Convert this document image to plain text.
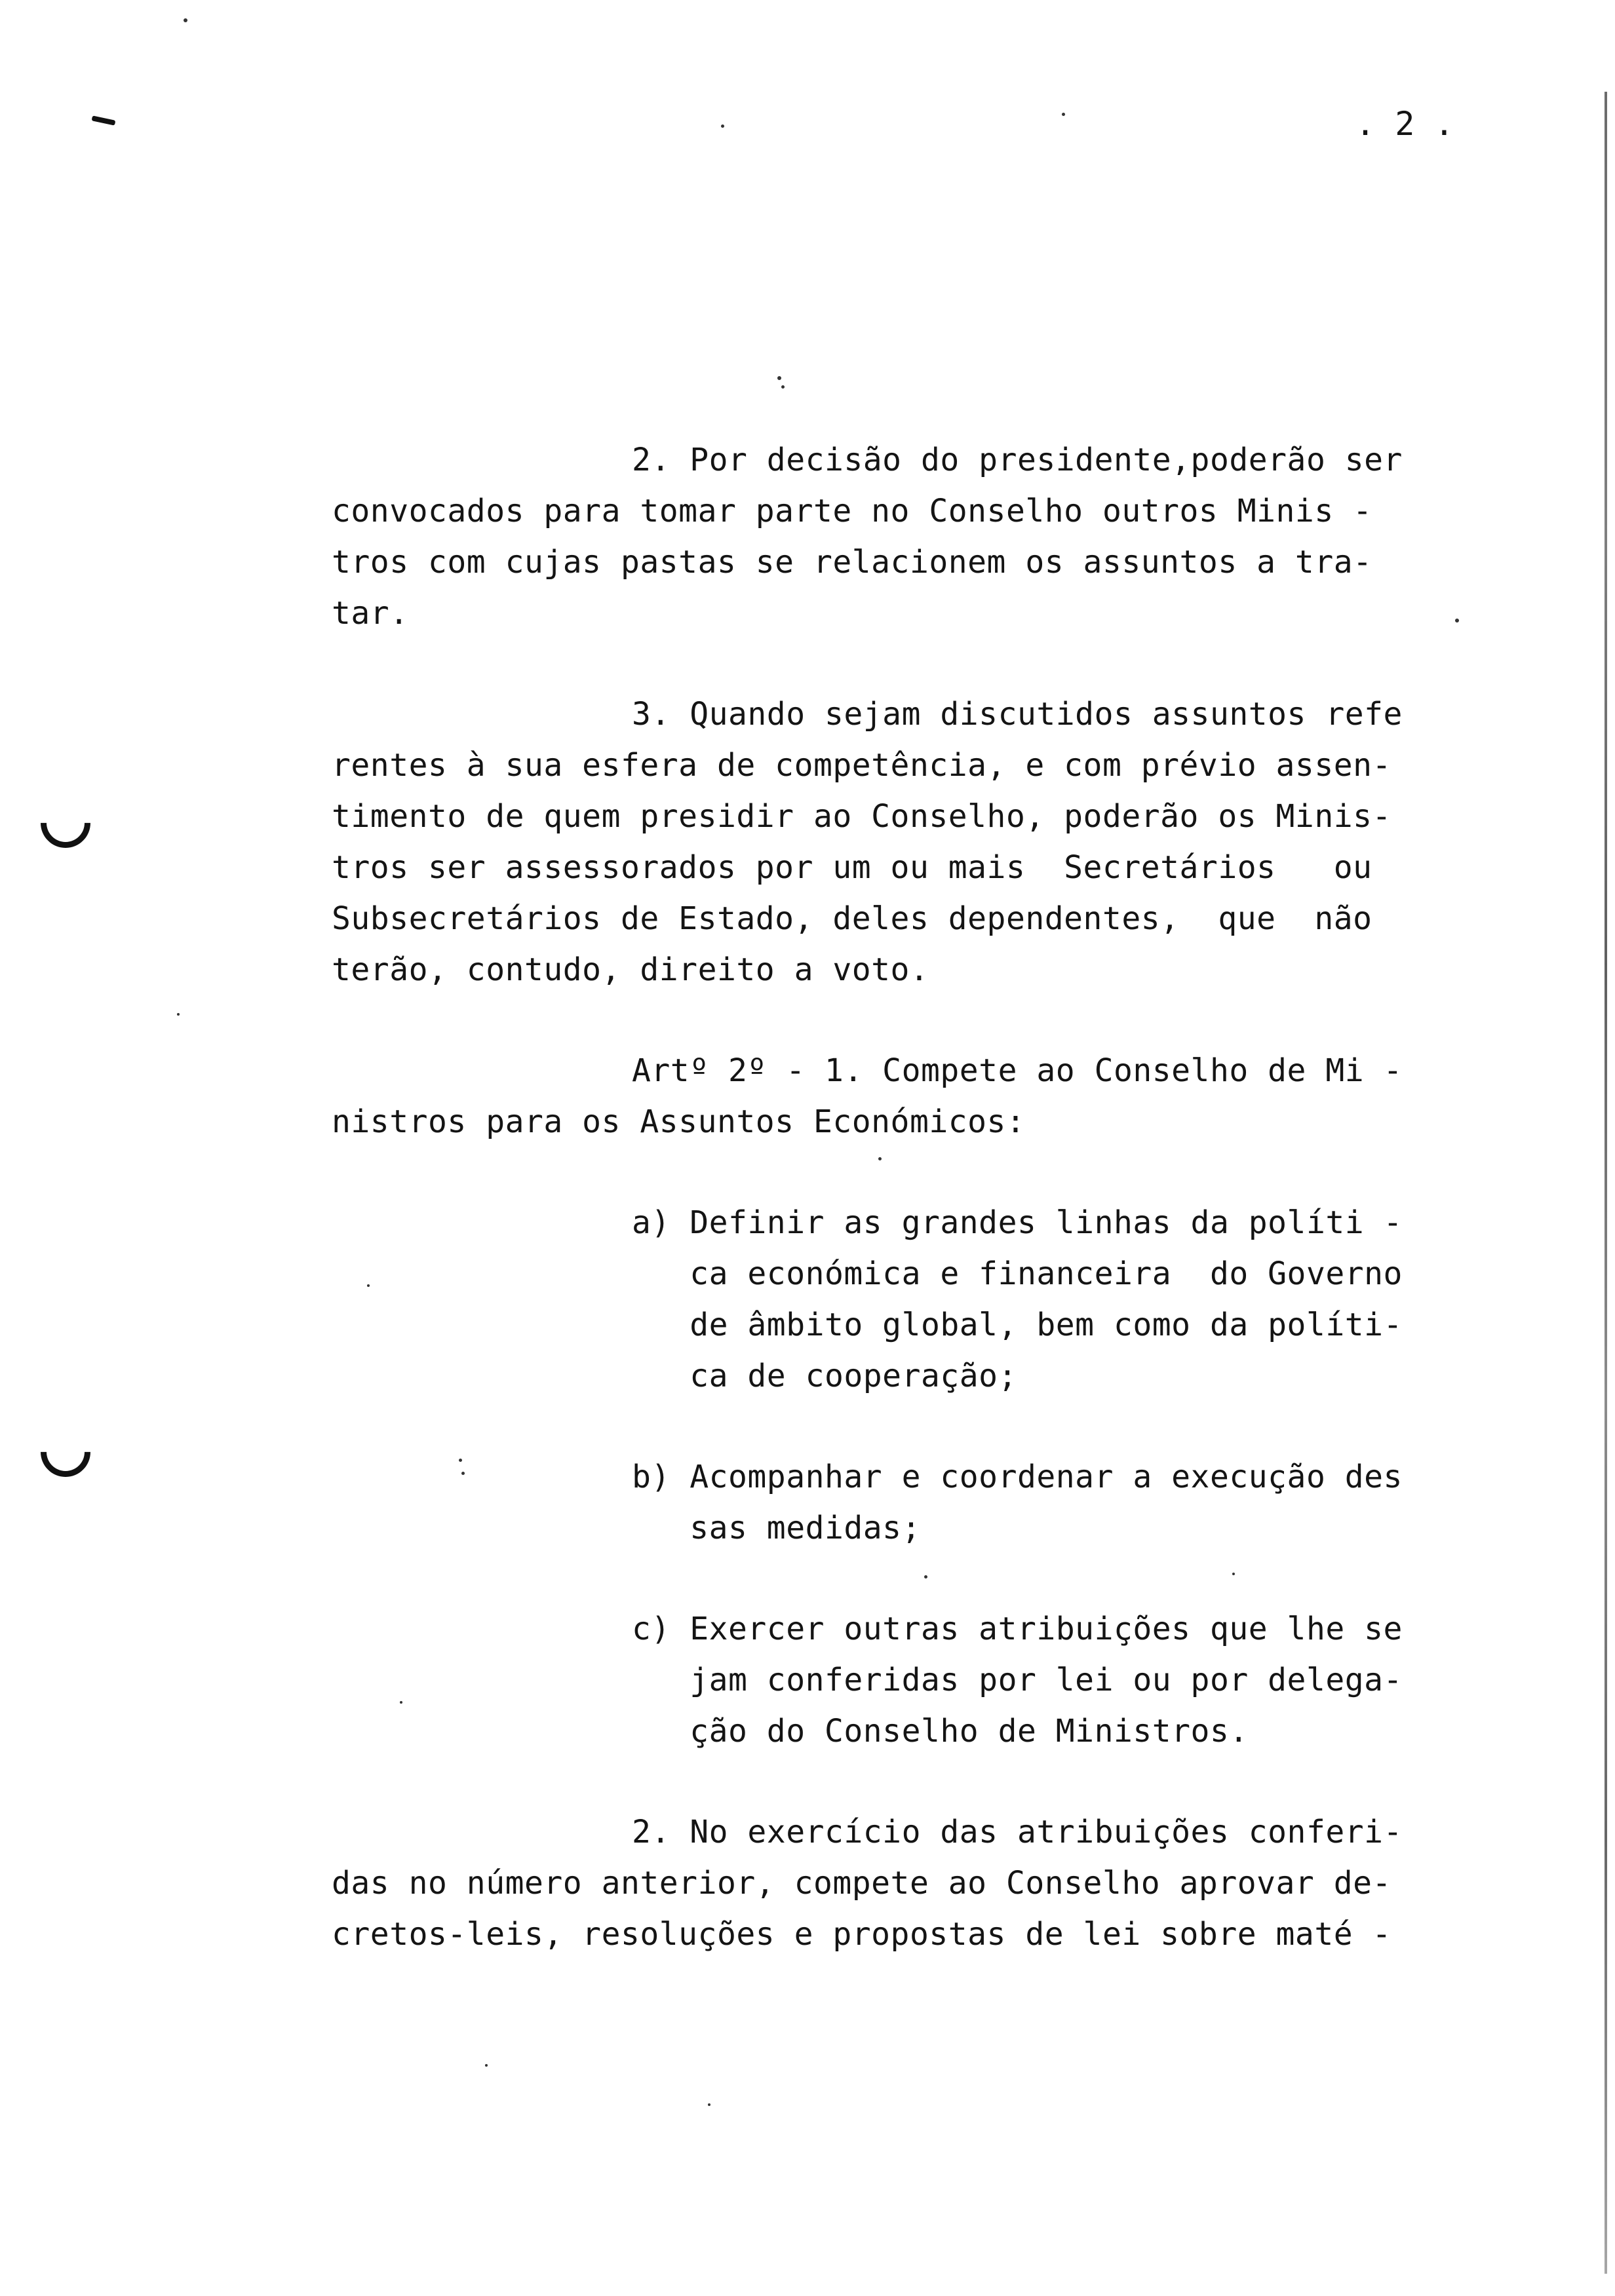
. 2 .
2. Por decisão do presidente,poderão ser
convocados para tomar parte no Conselho outros Minis -
tros com cujas pastas se relacionem os assuntos a tra-
tar.
3. Quando sejam discutidos assuntos refe
rentes à sua esfera de competência, e com prévio assen-
timento de quem presidir ao Conselho, poderão os Minis-
tros ser assessorados por um ou mais  Secretários   ou
Subsecretários de Estado, deles dependentes,  que  não
terão, contudo, direito a voto.
Artº 2º - 1. Compete ao Conselho de Mi -
nistros para os Assuntos Económicos:
a) Definir as grandes linhas da políti -
ca económica e financeira  do Governo
de âmbito global, bem como da políti-
ca de cooperação;
b) Acompanhar e coordenar a execução des
sas medidas;
c) Exercer outras atribuições que lhe se
jam conferidas por lei ou por delega-
ção do Conselho de Ministros.
2. No exercício das atribuições conferi-
das no número anterior, compete ao Conselho aprovar de-
cretos-leis, resoluções e propostas de lei sobre maté -
